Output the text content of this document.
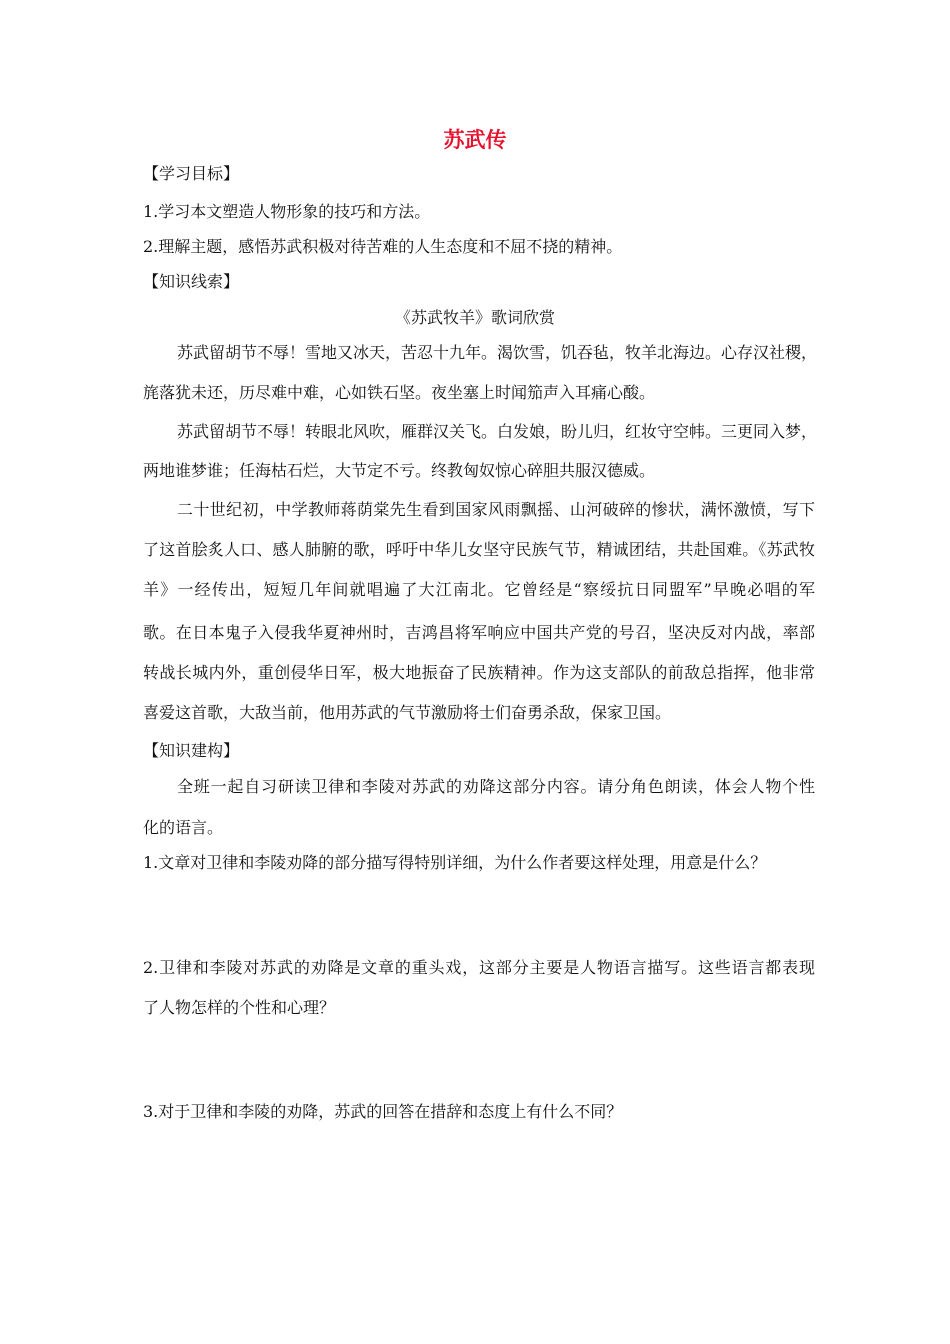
苏武传
【学习目标】
1.学习本文塑造人物形象的技巧和方法。
2.理解主题，感悟苏武积极对待苦难的人生态度和不屈不挠的精神。
【知识线索】
《苏武牧羊》歌词欣赏
苏武留胡节不辱！雪地又冰天，苦忍十九年。渴饮雪，饥吞毡，牧羊北海边。心存汉社稷，
旄落犹未还，历尽难中难，心如铁石坚。夜坐塞上时闻笳声入耳痛心酸。
苏武留胡节不辱！转眼北风吹，雁群汉关飞。白发娘，盼儿归，红妆守空帏。三更同入梦，
两地谁梦谁；任海枯石烂，大节定不亏。终教匈奴惊心碎胆共服汉德威。
二十世纪初，中学教师蒋荫棠先生看到国家风雨飘摇、山河破碎的惨状，满怀激愤，写下
了这首脍炙人口、感人肺腑的歌，呼吁中华儿女坚守民族气节，精诚团结，共赴国难。《苏武牧
羊》一经传出，短短几年间就唱遍了大江南北。它曾经是“察绥抗日同盟军”早晚必唱的军
歌。在日本鬼子入侵我华夏神州时，吉鸿昌将军响应中国共产党的号召，坚决反对内战，率部
转战长城内外，重创侵华日军，极大地振奋了民族精神。作为这支部队的前敌总指挥，他非常
喜爱这首歌，大敌当前，他用苏武的气节激励将士们奋勇杀敌，保家卫国。
【知识建构】
全班一起自习研读卫律和李陵对苏武的劝降这部分内容。请分角色朗读，体会人物个性
化的语言。
1.文章对卫律和李陵劝降的部分描写得特别详细，为什么作者要这样处理，用意是什么？
2.卫律和李陵对苏武的劝降是文章的重头戏，这部分主要是人物语言描写。这些语言都表现
了人物怎样的个性和心理？
3.对于卫律和李陵的劝降，苏武的回答在措辞和态度上有什么不同？
